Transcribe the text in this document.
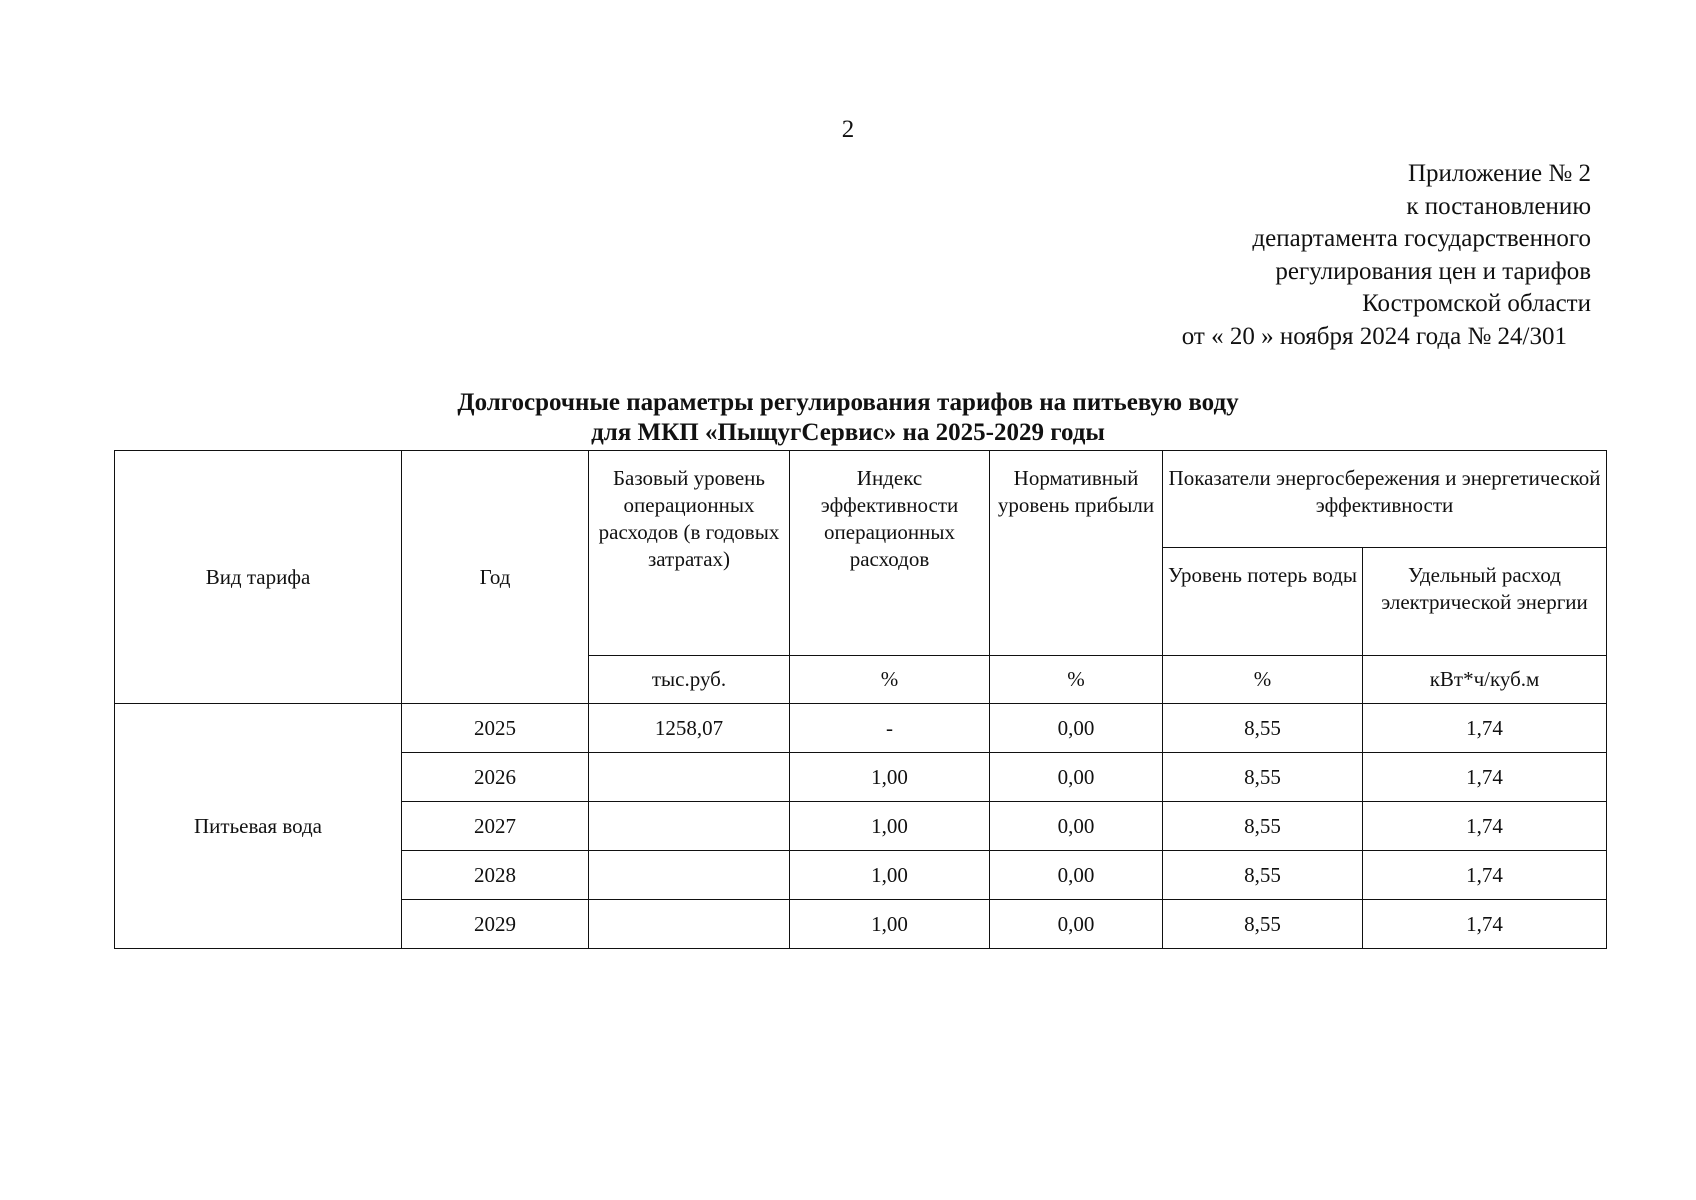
2
Приложение № 2
к постановлению
департамента государственного
регулирования цен и тарифов
Костромской области
от « 20 » ноября 2024 года № 24/301
Долгосрочные параметры регулирования тарифов на питьевую воду
для МКП «ПыщугСервис» на 2025-2029 годы
Вид тарифа	Год	Базовый уровень операционных расходов (в годовых затратах)	Индекс эффективности операционных расходов	Нормативный уровень прибыли	Показатели энергосбережения и энергетической эффективности	
					Уровень потерь воды	Удельный расход электрической энергии
		тыс.руб.	%	%	%	кВт*ч/куб.м
Питьевая вода	2025	1258,07	-	0,00	8,55	1,74
	2026		1,00	0,00	8,55	1,74
	2027		1,00	0,00	8,55	1,74
	2028		1,00	0,00	8,55	1,74
	2029		1,00	0,00	8,55	1,74
